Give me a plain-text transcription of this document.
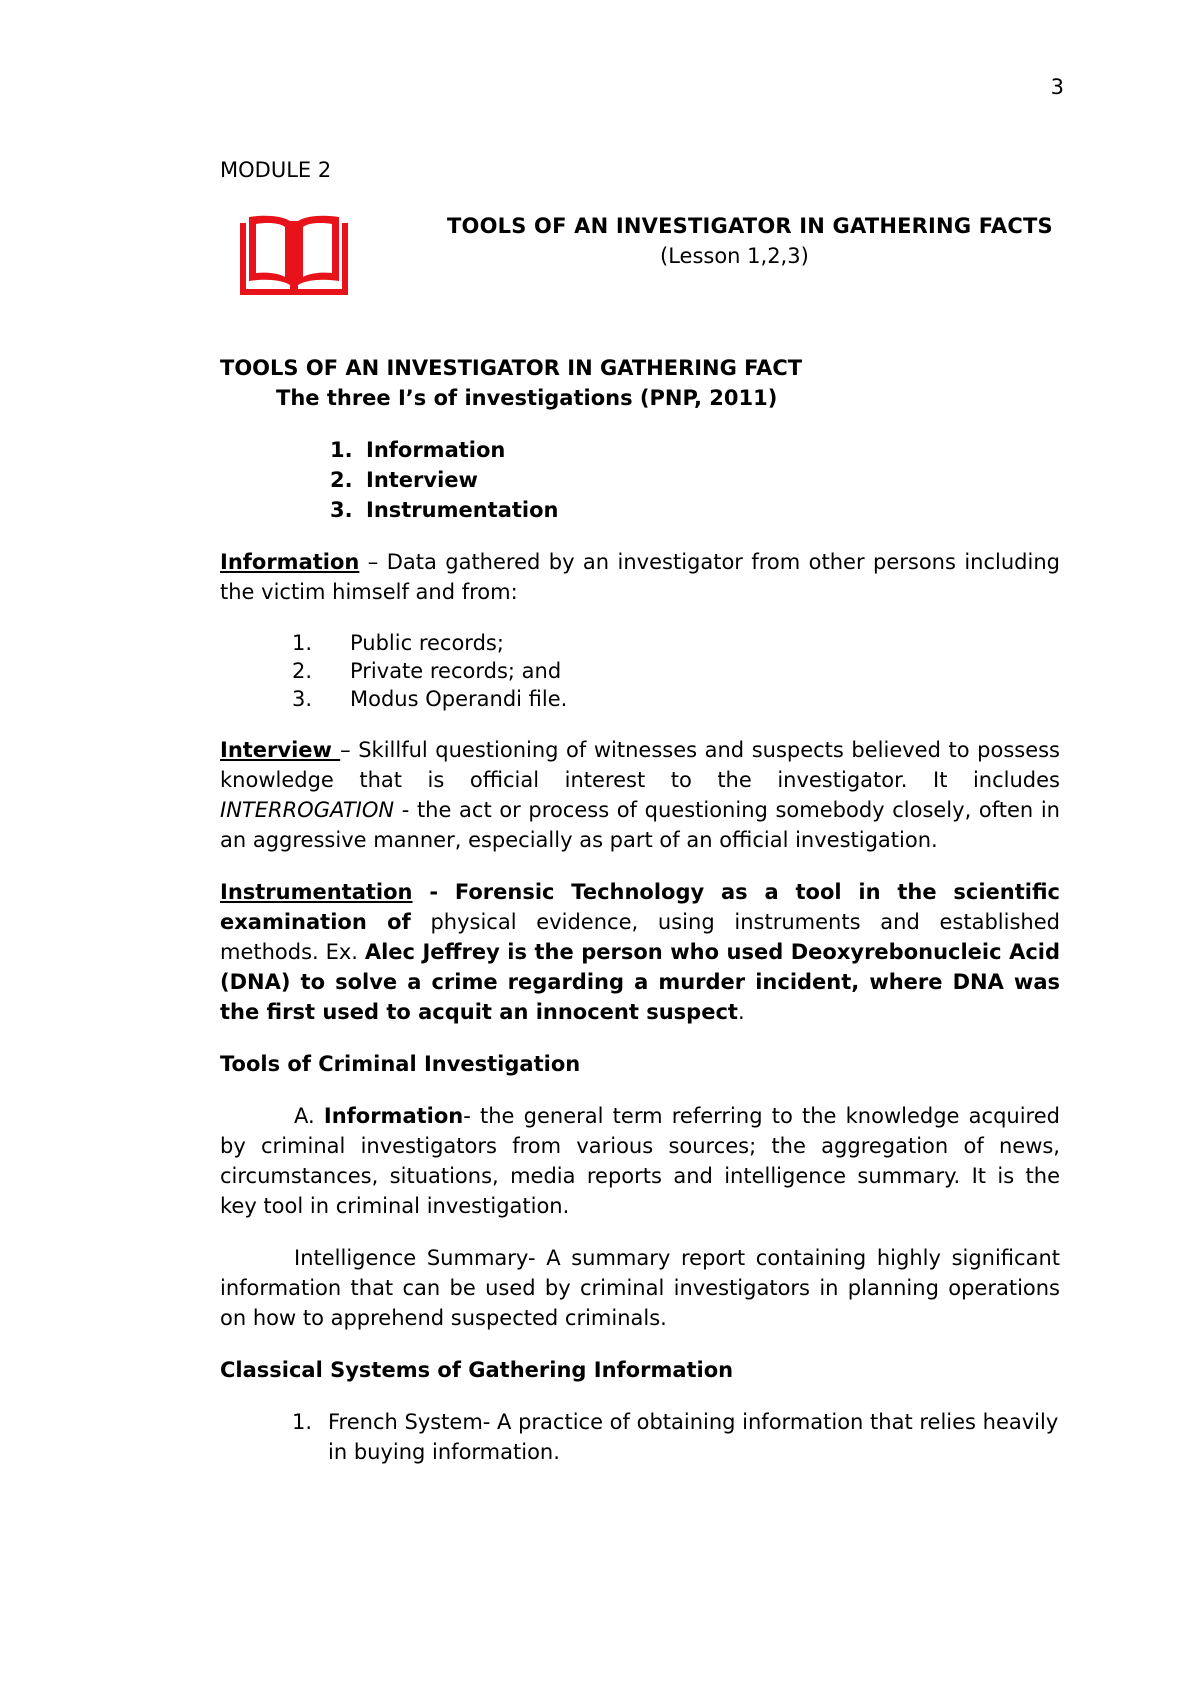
3
MODULE 2
TOOLS OF AN INVESTIGATOR IN GATHERING FACTS
(Lesson 1,2,3)

TOOLS OF AN INVESTIGATOR IN GATHERING FACT

The three I’s of investigations (PNP, 2011)

1. Information
2. Interview
3. Instrumentation

Information – Data gathered by an investigator from other persons including the victim himself and from:

1.	Public records;
2.	Private records; and
3.	Modus Operandi file.

Interview – Skillful questioning of witnesses and suspects believed to possess knowledge that is official interest to the investigator. It includes INTERROGATION - the act or process of questioning somebody closely, often in an aggressive manner, especially as part of an official investigation.

Instrumentation - Forensic Technology as a tool in the scientific examination of physical evidence, using instruments and established methods. Ex. Alec Jeffrey is the person who used Deoxyrebonucleic Acid (DNA) to solve a crime regarding a murder incident, where DNA was the first used to acquit an innocent suspect.

Tools of Criminal Investigation

A. Information- the general term referring to the knowledge acquired by criminal investigators from various sources; the aggregation of news, circumstances, situations, media reports and intelligence summary. It is the key tool in criminal investigation.

Intelligence Summary- A summary report containing highly significant information that can be used by criminal investigators in planning operations on how to apprehend suspected criminals.

Classical Systems of Gathering Information

1. French System- A practice of obtaining information that relies heavily in buying information.
